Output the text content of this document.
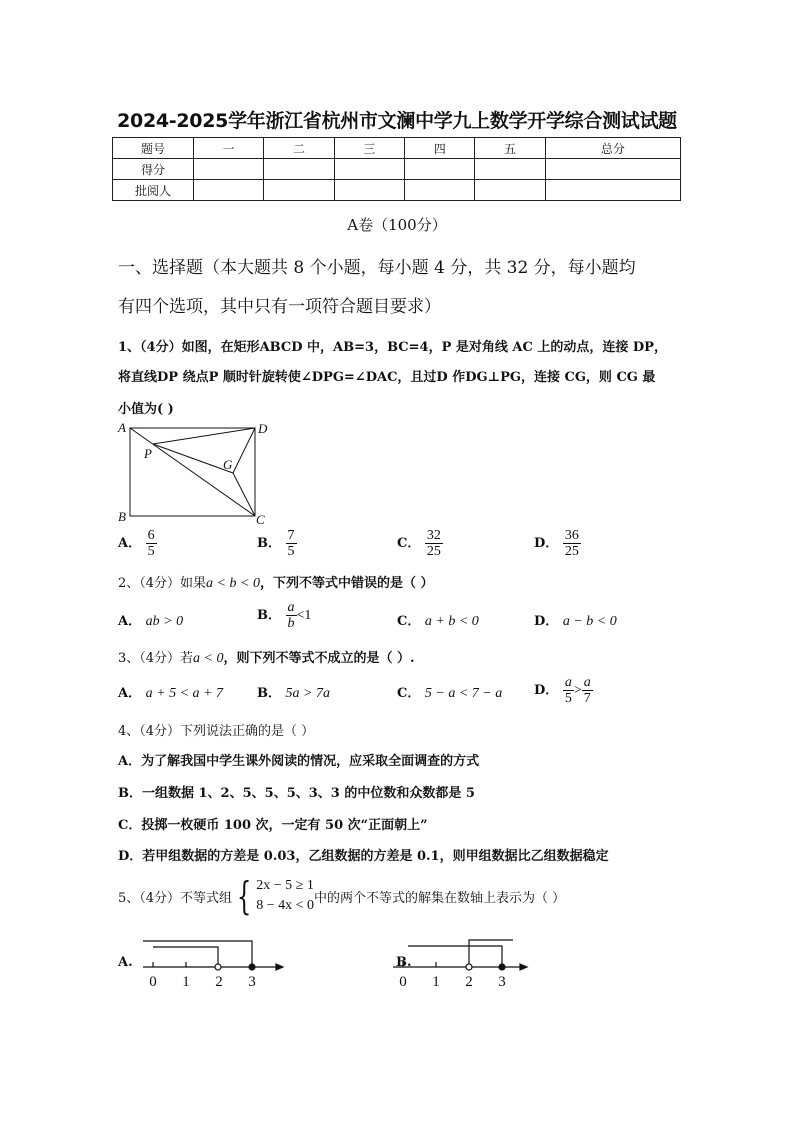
2024-2025学年浙江省杭州市文澜中学九上数学开学综合测试试题
题号	一	二	三	四	五	总分
得分						
批阅人						
A卷（100分）
一、选择题（本大题共 8 个小题，每小题 4 分，共 32 分，每小题均
有四个选项，其中只有一项符合题目要求）
1、（4分）如图，在矩形ABCD 中，AB=3，BC=4，P 是对角线 AC 上的动点，连接 DP，
将直线DP 绕点P 顺时针旋转使∠DPG=∠DAC，且过D 作DG⊥PG，连接 CG，则 CG 最
小值为( )
A	D
B	C
P
G
A． $\frac{6}{5}$	B． $\frac{7}{5}$	C． $\frac{32}{25}$	D． $\frac{36}{25}$
2、（4分）如果a < b < 0，下列不等式中错误的是（ ）
A． ab > 0	B． $\frac{a}{b} <1$	C． a + b < 0	D． a − b < 0
3、（4分）若a < 0，则下列不等式不成立的是（ ）.
A． a + 5 < a + 7	B． 5a > 7a	C． 5 − a < 7 − a D． $\frac{a}{5} > \frac{a}{7}$
4、（4分）下列说法正确的是（ ）
A．为了解我国中学生课外阅读的情况，应采取全面调查的方式
B．一组数据 1、2、5、5、5、3、3 的中位数和众数都是 5
C．投掷一枚硬币 100 次，一定有 50 次“正面朝上”
D．若甲组数据的方差是 0.03，乙组数据的方差是 0.1，则甲组数据比乙组数据稳定
5、（4分）不等式组 { 2x − 5 ≥ 1
8 − 4x < 0 中的两个不等式的解集在数轴上表示为（ ）
A.
0 1 2 3
B.
0 1 2 3
